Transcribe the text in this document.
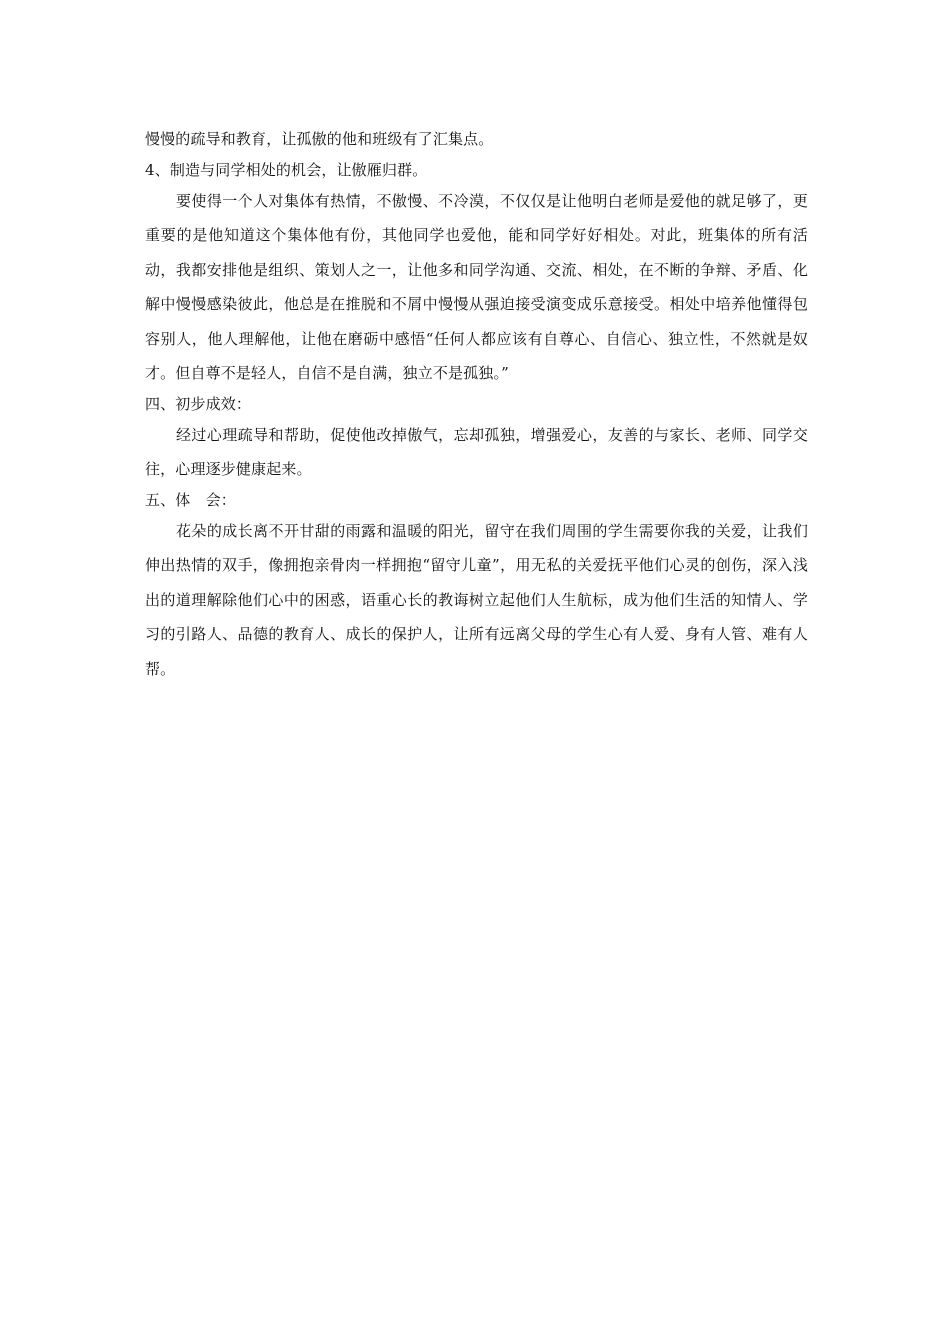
慢慢的疏导和教育，让孤傲的他和班级有了汇集点。

4、制造与同学相处的机会，让傲雁归群。

要使得一个人对集体有热情，不傲慢、不冷漠，不仅仅是让他明白老师是爱他的就足够了，更重要的是他知道这个集体他有份，其他同学也爱他，能和同学好好相处。对此，班集体的所有活动，我都安排他是组织、策划人之一，让他多和同学沟通、交流、相处，在不断的争辩、矛盾、化解中慢慢感染彼此，他总是在推脱和不屑中慢慢从强迫接受演变成乐意接受。相处中培养他懂得包容别人，他人理解他，让他在磨砺中感悟“任何人都应该有自尊心、自信心、独立性，不然就是奴才。但自尊不是轻人，自信不是自满，独立不是孤独。”

四、初步成效：

经过心理疏导和帮助，促使他改掉傲气，忘却孤独，增强爱心，友善的与家长、老师、同学交往，心理逐步健康起来。

五、体　会：

花朵的成长离不开甘甜的雨露和温暖的阳光，留守在我们周围的学生需要你我的关爱，让我们伸出热情的双手，像拥抱亲骨肉一样拥抱“留守儿童”，用无私的关爱抚平他们心灵的创伤，深入浅出的道理解除他们心中的困惑，语重心长的教诲树立起他们人生航标，成为他们生活的知情人、学习的引路人、品德的教育人、成长的保护人，让所有远离父母的学生心有人爱、身有人管、难有人帮。
